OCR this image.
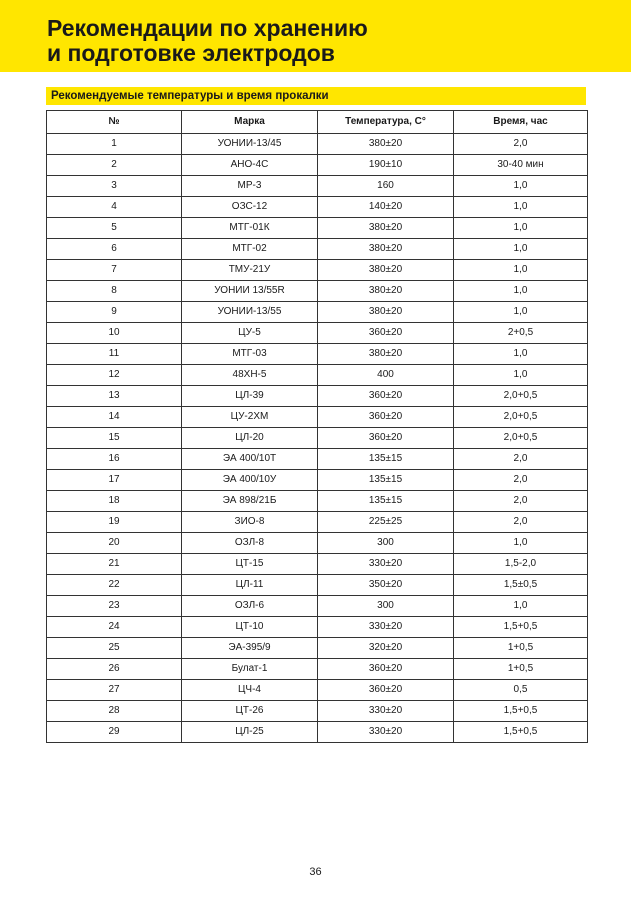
Рекомендации по хранению
и подготовке электродов
Рекомендуемые температуры и время прокалки
№	Марка	Температура, С°	Время, час
1	УОНИИ-13/45	380±20	2,0
2	АНО-4С	190±10	30-40 мин
3	МР-3	160	1,0
4	ОЗС-12	140±20	1,0
5	МТГ-01К	380±20	1,0
6	МТГ-02	380±20	1,0
7	ТМУ-21У	380±20	1,0
8	УОНИИ 13/55R	380±20	1,0
9	УОНИИ-13/55	380±20	1,0
10	ЦУ-5	360±20	2+0,5
11	МТГ-03	380±20	1,0
12	48ХН-5	400	1,0
13	ЦЛ-39	360±20	2,0+0,5
14	ЦУ-2ХМ	360±20	2,0+0,5
15	ЦЛ-20	360±20	2,0+0,5
16	ЭА 400/10Т	135±15	2,0
17	ЭА 400/10У	135±15	2,0
18	ЭА 898/21Б	135±15	2,0
19	ЗИО-8	225±25	2,0
20	ОЗЛ-8	300	1,0
21	ЦТ-15	330±20	1,5-2,0
22	ЦЛ-11	350±20	1,5±0,5
23	ОЗЛ-6	300	1,0
24	ЦТ-10	330±20	1,5+0,5
25	ЭА-395/9	320±20	1+0,5
26	Булат-1	360±20	1+0,5
27	ЦЧ-4	360±20	0,5
28	ЦТ-26	330±20	1,5+0,5
29	ЦЛ-25	330±20	1,5+0,5
36
